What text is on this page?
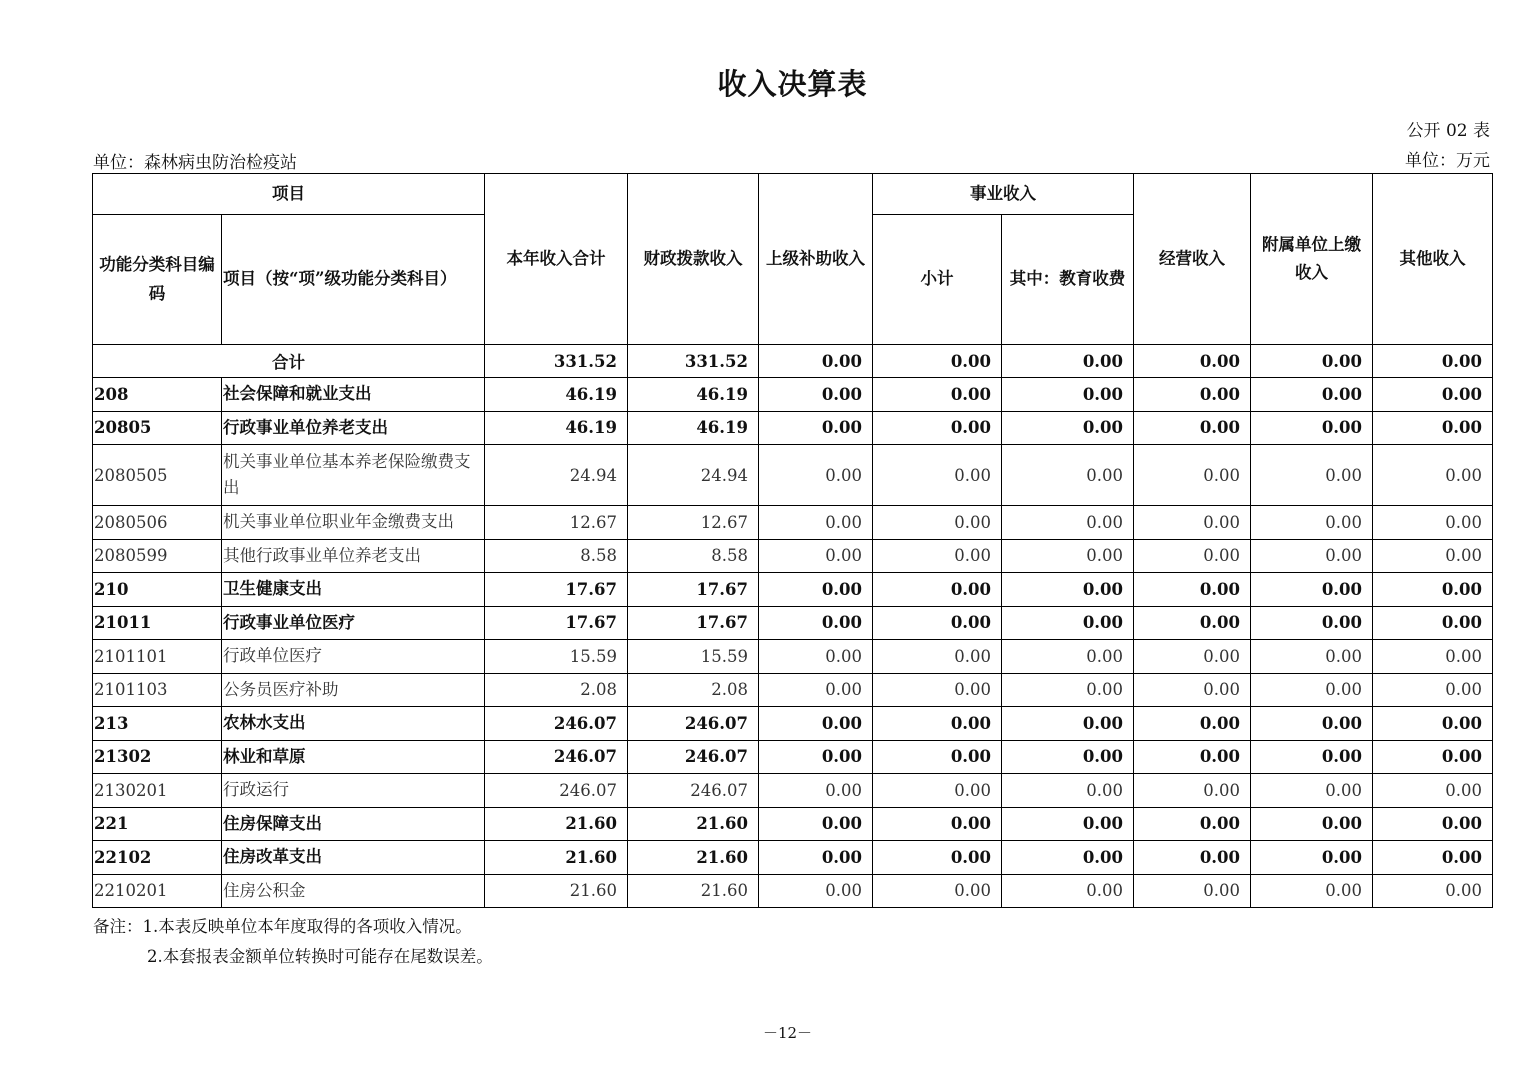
收入决算表
公开 02 表
单位：森林病虫防治检疫站	单位：万元
项目		本年收入合计	财政拨款收入	上级补助收入	事业收入		经营收入	附属单位上缴收入	其他收入
功能分类科目编码	项目（按“项”级功能分类科目）				小计	其中：教育收费			
合计		331.52	331.52	0.00	0.00	0.00	0.00	0.00	0.00
208	社会保障和就业支出	46.19	46.19	0.00	0.00	0.00	0.00	0.00	0.00
20805	行政事业单位养老支出	46.19	46.19	0.00	0.00	0.00	0.00	0.00	0.00
2080505	机关事业单位基本养老保险缴费支出	24.94	24.94	0.00	0.00	0.00	0.00	0.00	0.00
2080506	机关事业单位职业年金缴费支出	12.67	12.67	0.00	0.00	0.00	0.00	0.00	0.00
2080599	其他行政事业单位养老支出	8.58	8.58	0.00	0.00	0.00	0.00	0.00	0.00
210	卫生健康支出	17.67	17.67	0.00	0.00	0.00	0.00	0.00	0.00
21011	行政事业单位医疗	17.67	17.67	0.00	0.00	0.00	0.00	0.00	0.00
2101101	行政单位医疗	15.59	15.59	0.00	0.00	0.00	0.00	0.00	0.00
2101103	公务员医疗补助	2.08	2.08	0.00	0.00	0.00	0.00	0.00	0.00
213	农林水支出	246.07	246.07	0.00	0.00	0.00	0.00	0.00	0.00
21302	林业和草原	246.07	246.07	0.00	0.00	0.00	0.00	0.00	0.00
2130201	行政运行	246.07	246.07	0.00	0.00	0.00	0.00	0.00	0.00
221	住房保障支出	21.60	21.60	0.00	0.00	0.00	0.00	0.00	0.00
22102	住房改革支出	21.60	21.60	0.00	0.00	0.00	0.00	0.00	0.00
2210201	住房公积金	21.60	21.60	0.00	0.00	0.00	0.00	0.00	0.00
备注：1.本表反映单位本年度取得的各项收入情况。
2.本套报表金额单位转换时可能存在尾数误差。
－12－
